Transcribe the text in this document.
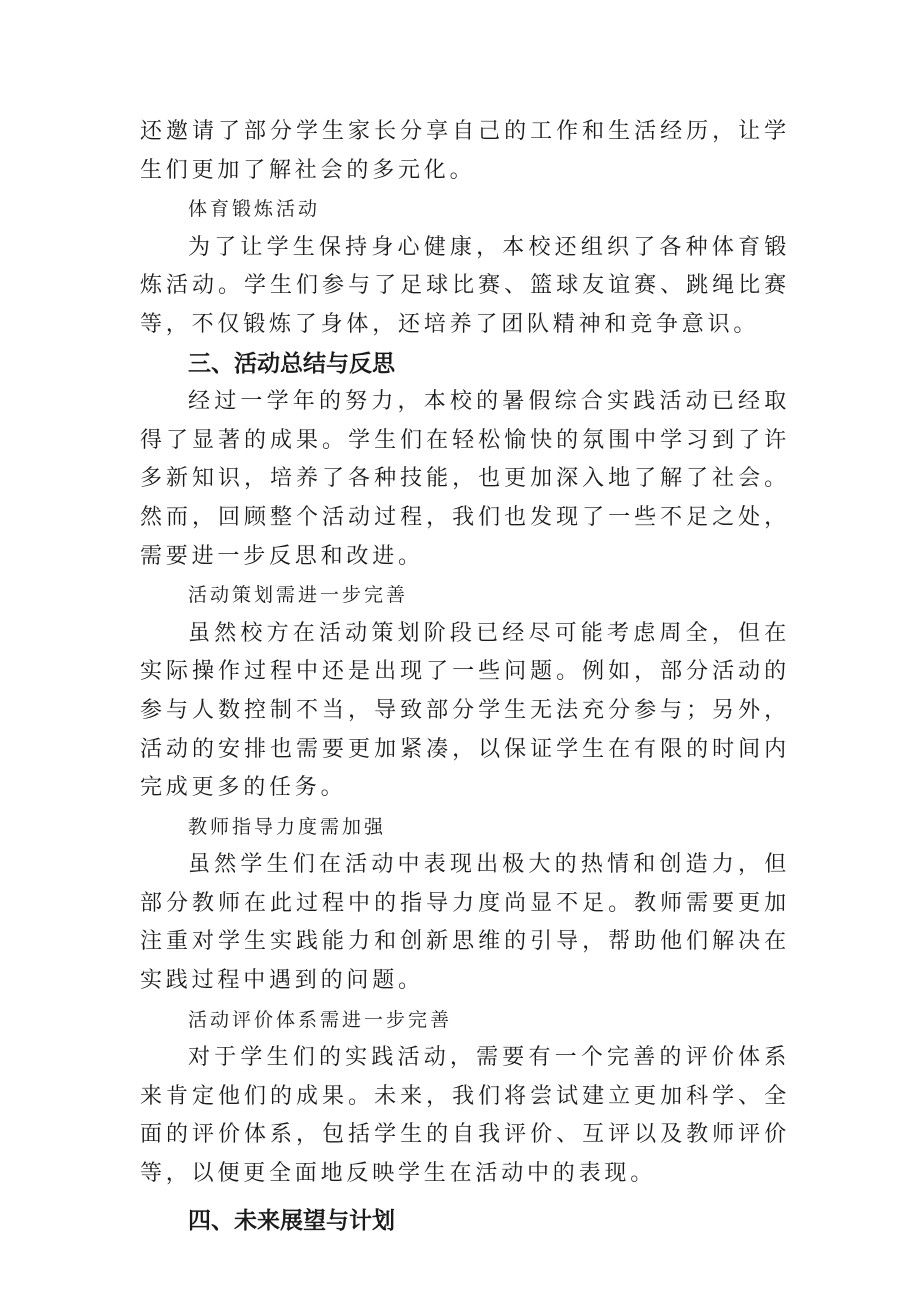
还邀请了部分学生家长分享自己的工作和生活经历，让学生们更加了解社会的多元化。

体育锻炼活动

为了让学生保持身心健康，本校还组织了各种体育锻炼活动。学生们参与了足球比赛、篮球友谊赛、跳绳比赛等，不仅锻炼了身体，还培养了团队精神和竞争意识。

三、活动总结与反思

经过一学年的努力，本校的暑假综合实践活动已经取得了显著的成果。学生们在轻松愉快的氛围中学习到了许多新知识，培养了各种技能，也更加深入地了解了社会。然而，回顾整个活动过程，我们也发现了一些不足之处，需要进一步反思和改进。

活动策划需进一步完善

虽然校方在活动策划阶段已经尽可能考虑周全，但在实际操作过程中还是出现了一些问题。例如，部分活动的参与人数控制不当，导致部分学生无法充分参与；另外，活动的安排也需要更加紧凑，以保证学生在有限的时间内完成更多的任务。

教师指导力度需加强

虽然学生们在活动中表现出极大的热情和创造力，但部分教师在此过程中的指导力度尚显不足。教师需要更加注重对学生实践能力和创新思维的引导，帮助他们解决在实践过程中遇到的问题。

活动评价体系需进一步完善

对于学生们的实践活动，需要有一个完善的评价体系来肯定他们的成果。未来，我们将尝试建立更加科学、全面的评价体系，包括学生的自我评价、互评以及教师评价等，以便更全面地反映学生在活动中的表现。

四、未来展望与计划
